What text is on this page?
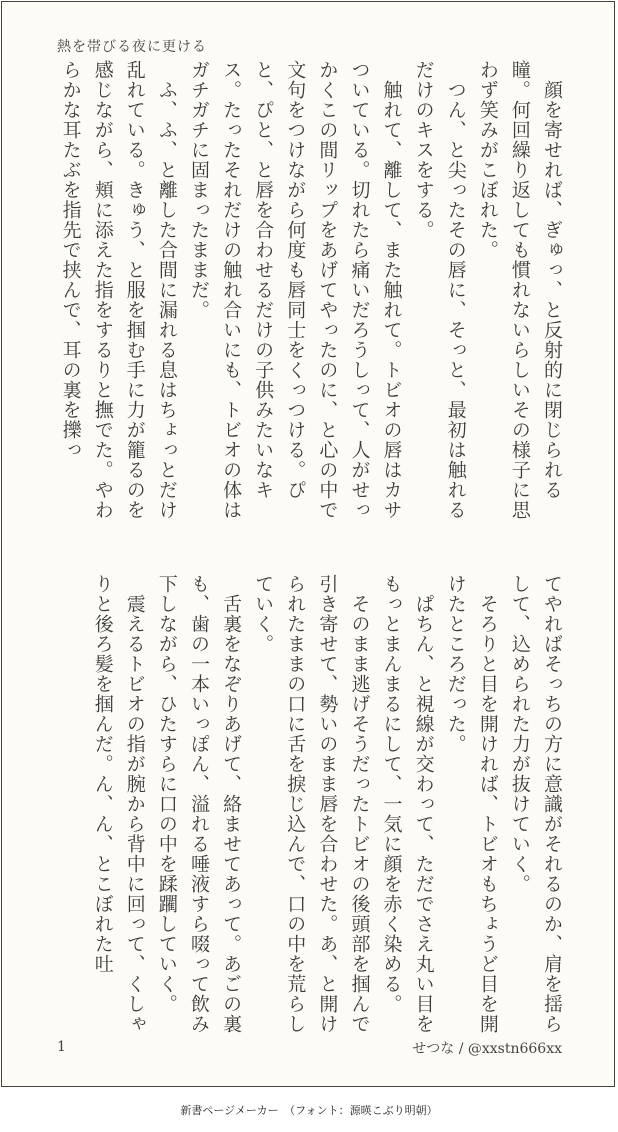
熱を帯びる夜に更ける

　顔を寄せれば、ぎゅっ、と反射的に閉じられる瞳。何回繰り返しても慣れないらしいその様子に思わず笑みがこぼれた。

　つん、と尖ったその唇に、そっと、最初は触れるだけのキスをする。

　触れて、離して、また触れて。トビオの唇はカサついている。切れたら痛いだろうしって、人がせっかくこの間リップをあげてやったのに、と心の中で文句をつけながら何度も唇同士をくっつける。ぴと、ぴと、と唇を合わせるだけの子供みたいなキス。たったそれだけの触れ合いにも、トビオの体はガチガチに固まったままだ。

　ふ、ふ、と離した合間に漏れる息はちょっとだけ乱れている。きゅう、と服を掴む手に力が籠るのを感じながら、頬に添えた指をするりと撫でた。やわらかな耳たぶを指先で挟んで、耳の裏を擽っ

てやればそっちの方に意識がそれるのか、肩を揺らして、込められた力が抜けていく。

　そろりと目を開ければ、トビオもちょうど目を開けたところだった。

　ぱちん、と視線が交わって、ただでさえ丸い目をもっとまんまるにして、一気に顔を赤く染める。

　そのまま逃げそうだったトビオの後頭部を掴んで引き寄せて、勢いのまま唇を合わせた。あ、と開けられたままの口に舌を捩じ込んで、口の中を荒らしていく。

　舌裏をなぞりあげて、絡ませてあって。あごの裏も、歯の一本いっぽん、溢れる唾液すら啜って飲み下しながら、ひたすらに口の中を蹂躙していく。

　震えるトビオの指が腕から背中に回って、くしゃりと後ろ髪を掴んだ。ん、ん、とこぼれた吐

1	せつな / @xxstn666xx
新書ページメーカー　（フォント：源暎こぶり明朝）
